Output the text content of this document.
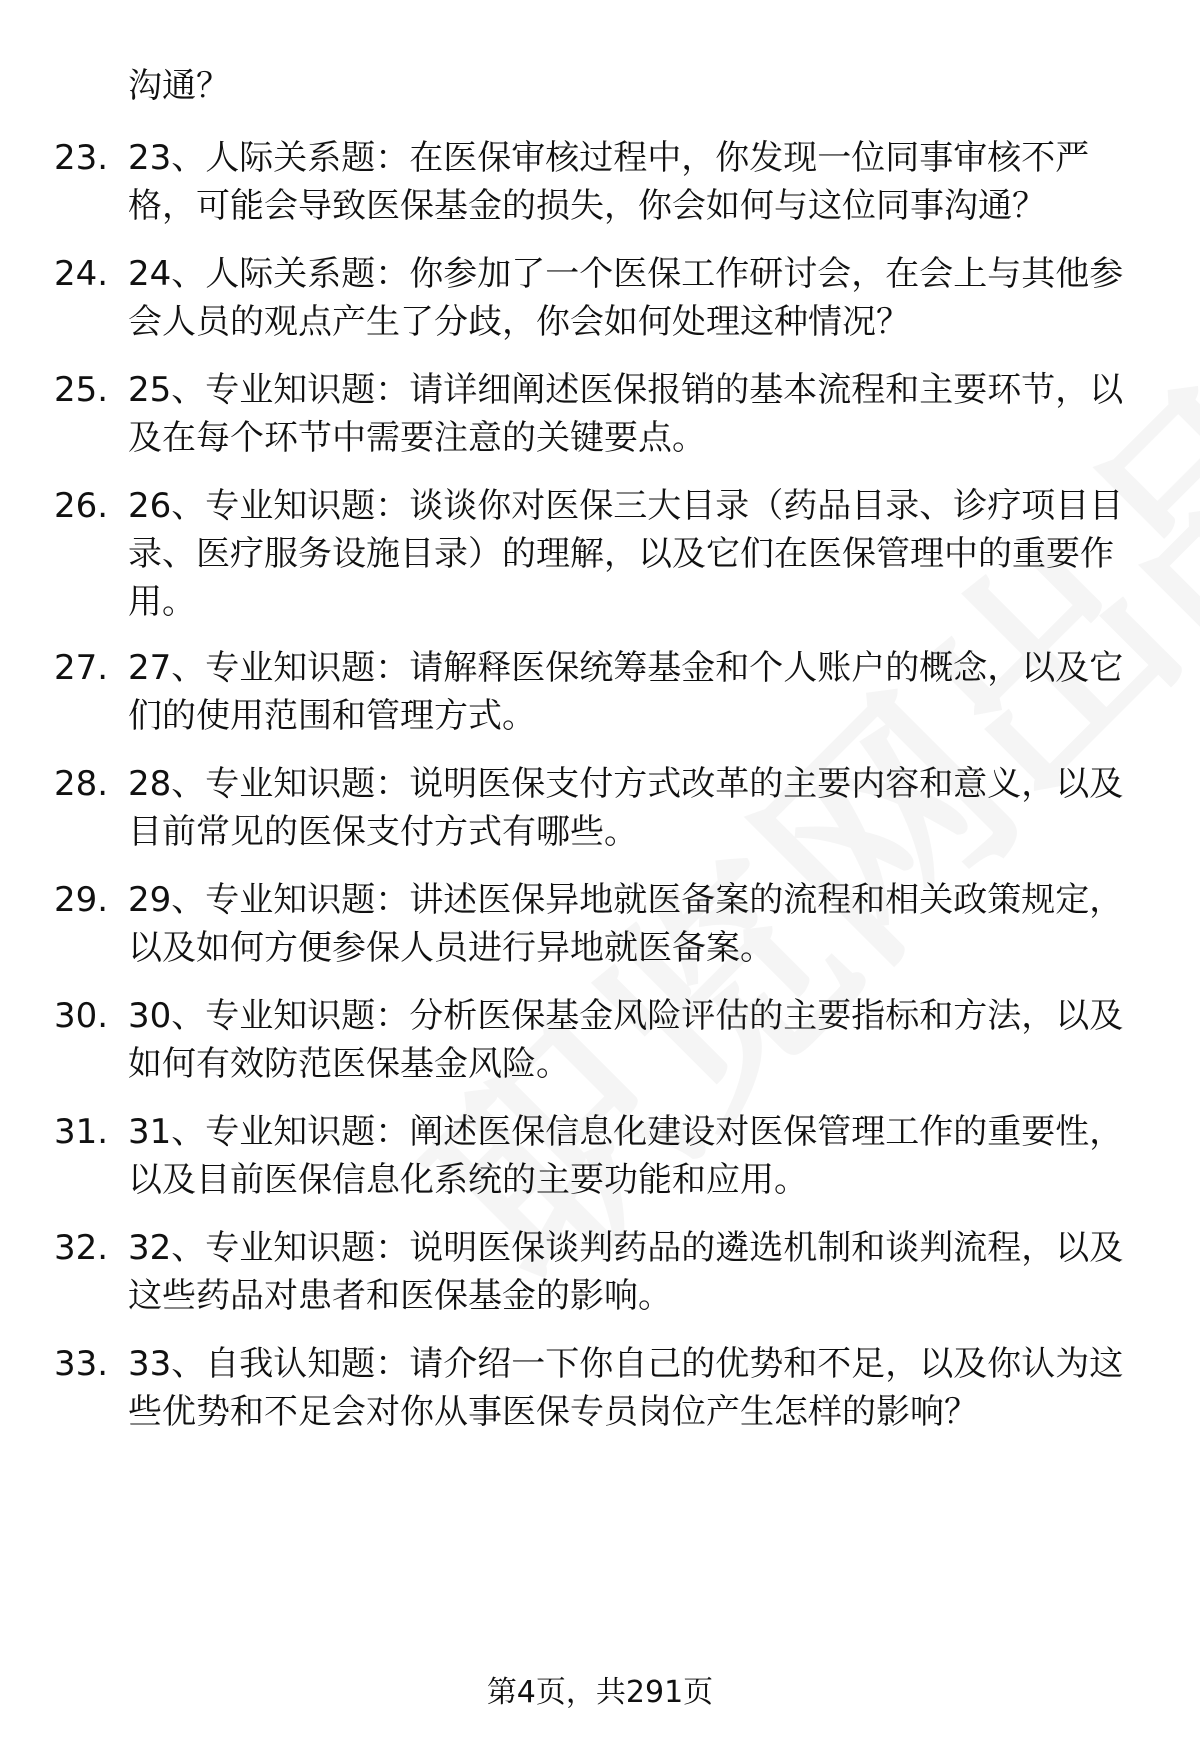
沟通？
23. 23、人际关系题：在医保审核过程中，你发现一位同事审核不严格，可能会导致医保基金的损失，你会如何与这位同事沟通？
24. 24、人际关系题：你参加了一个医保工作研讨会，在会上与其他参会人员的观点产生了分歧，你会如何处理这种情况？
25. 25、专业知识题：请详细阐述医保报销的基本流程和主要环节，以及在每个环节中需要注意的关键要点。
26. 26、专业知识题：谈谈你对医保三大目录（药品目录、诊疗项目目录、医疗服务设施目录）的理解，以及它们在医保管理中的重要作用。
27. 27、专业知识题：请解释医保统筹基金和个人账户的概念，以及它们的使用范围和管理方式。
28. 28、专业知识题：说明医保支付方式改革的主要内容和意义，以及目前常见的医保支付方式有哪些。
29. 29、专业知识题：讲述医保异地就医备案的流程和相关政策规定，以及如何方便参保人员进行异地就医备案。
30. 30、专业知识题：分析医保基金风险评估的主要指标和方法，以及如何有效防范医保基金风险。
31. 31、专业知识题：阐述医保信息化建设对医保管理工作的重要性，以及目前医保信息化系统的主要功能和应用。
32. 32、专业知识题：说明医保谈判药品的遴选机制和谈判流程，以及这些药品对患者和医保基金的影响。
33. 33、自我认知题：请介绍一下你自己的优势和不足，以及你认为这些优势和不足会对你从事医保专员岗位产生怎样的影响？
第4页，共291页
